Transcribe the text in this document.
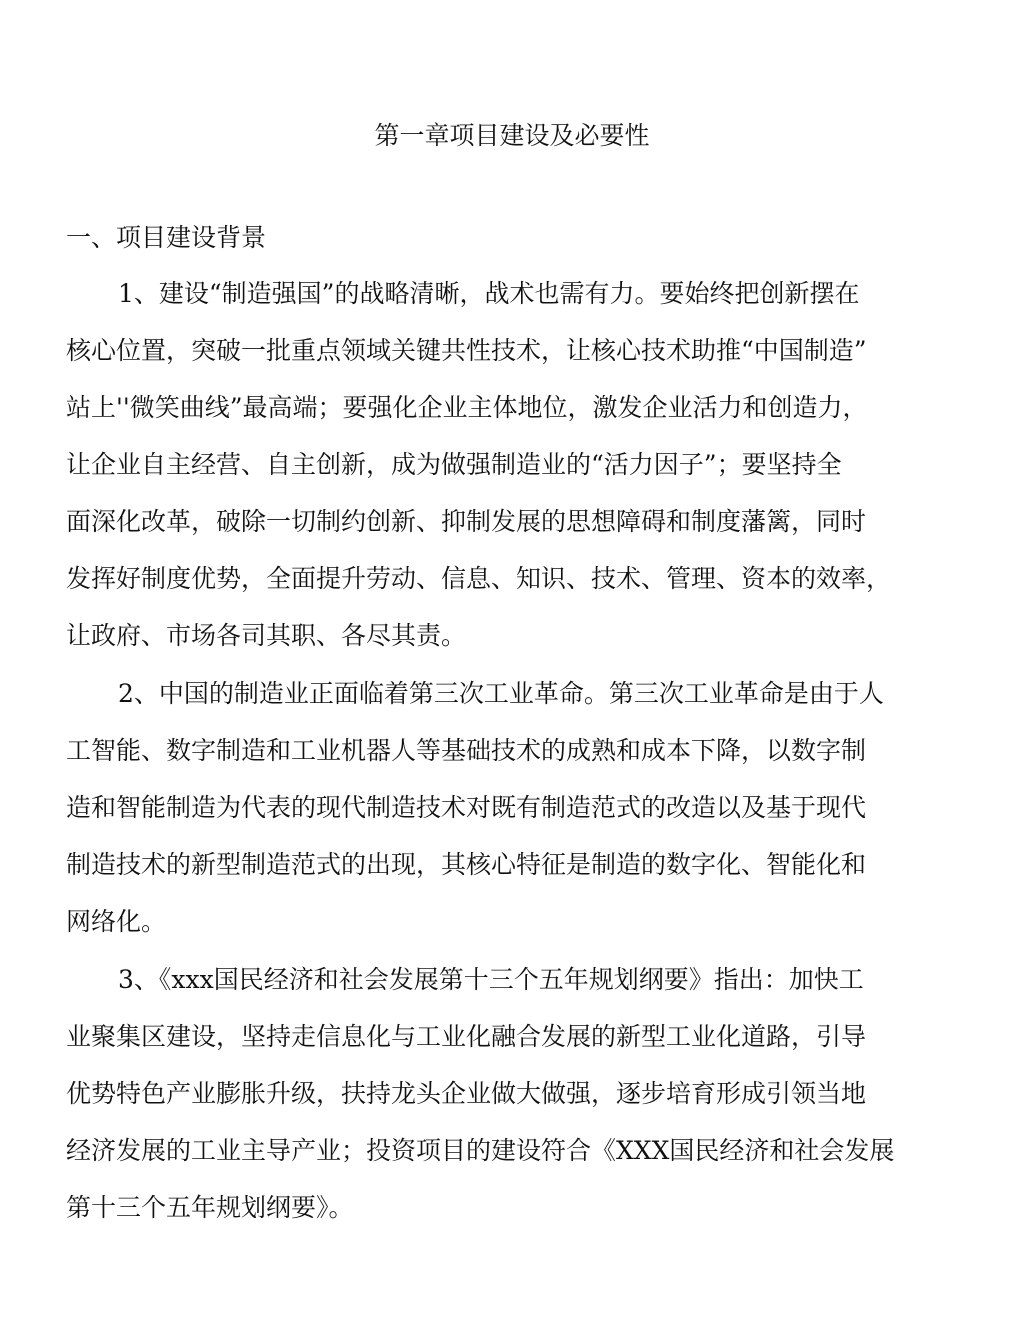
第一章项目建设及必要性
一、项目建设背景

1、建设“制造强国”的战略清晰，战术也需有力。要始终把创新摆在

核心位置，突破一批重点领域关键共性技术，让核心技术助推“中国制造”

站上''微笑曲线”最高端；要强化企业主体地位，激发企业活力和创造力，

让企业自主经营、自主创新，成为做强制造业的“活力因子”；要坚持全

面深化改革，破除一切制约创新、抑制发展的思想障碍和制度藩篱，同时

发挥好制度优势，全面提升劳动、信息、知识、技术、管理、资本的效率，

让政府、市场各司其职、各尽其责。

2、中国的制造业正面临着第三次工业革命。第三次工业革命是由于人

工智能、数字制造和工业机器人等基础技术的成熟和成本下降，以数字制

造和智能制造为代表的现代制造技术对既有制造范式的改造以及基于现代

制造技术的新型制造范式的出现，其核心特征是制造的数字化、智能化和

网络化。

3、《xxx国民经济和社会发展第十三个五年规划纲要》指出：加快工

业聚集区建设，坚持走信息化与工业化融合发展的新型工业化道路，引导

优势特色产业膨胀升级，扶持龙头企业做大做强，逐步培育形成引领当地

经济发展的工业主导产业；投资项目的建设符合《XXX国民经济和社会发展

第十三个五年规划纲要》。
